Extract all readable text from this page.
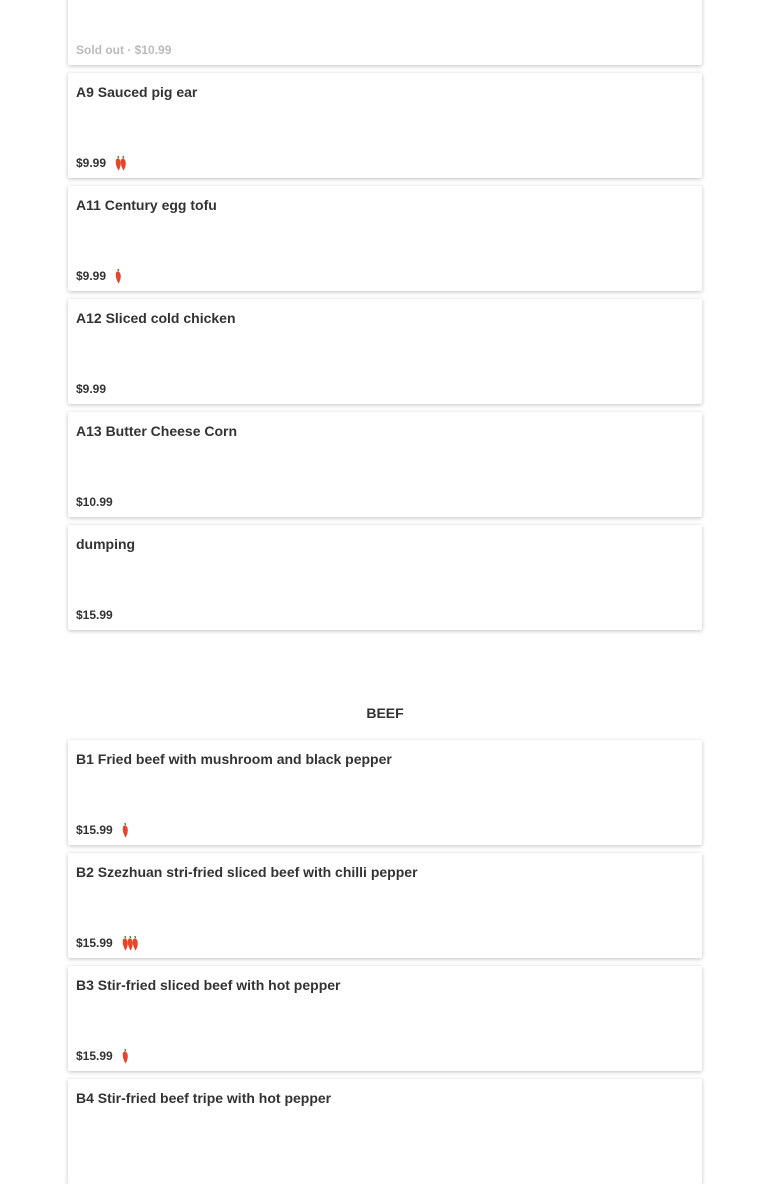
Sold out · $10.99
A9 Sauced pig ear
$9.99
A11 Century egg tofu
$9.99
A12 Sliced cold chicken
$9.99
A13 Butter Cheese Corn
$10.99
dumping
$15.99
BEEF
B1 Fried beef with mushroom and black pepper
$15.99
B2 Szezhuan stri-fried sliced beef with chilli pepper
$15.99
B3 Stir-fried sliced beef with hot pepper
$15.99
B4 Stir-fried beef tripe with hot pepper
